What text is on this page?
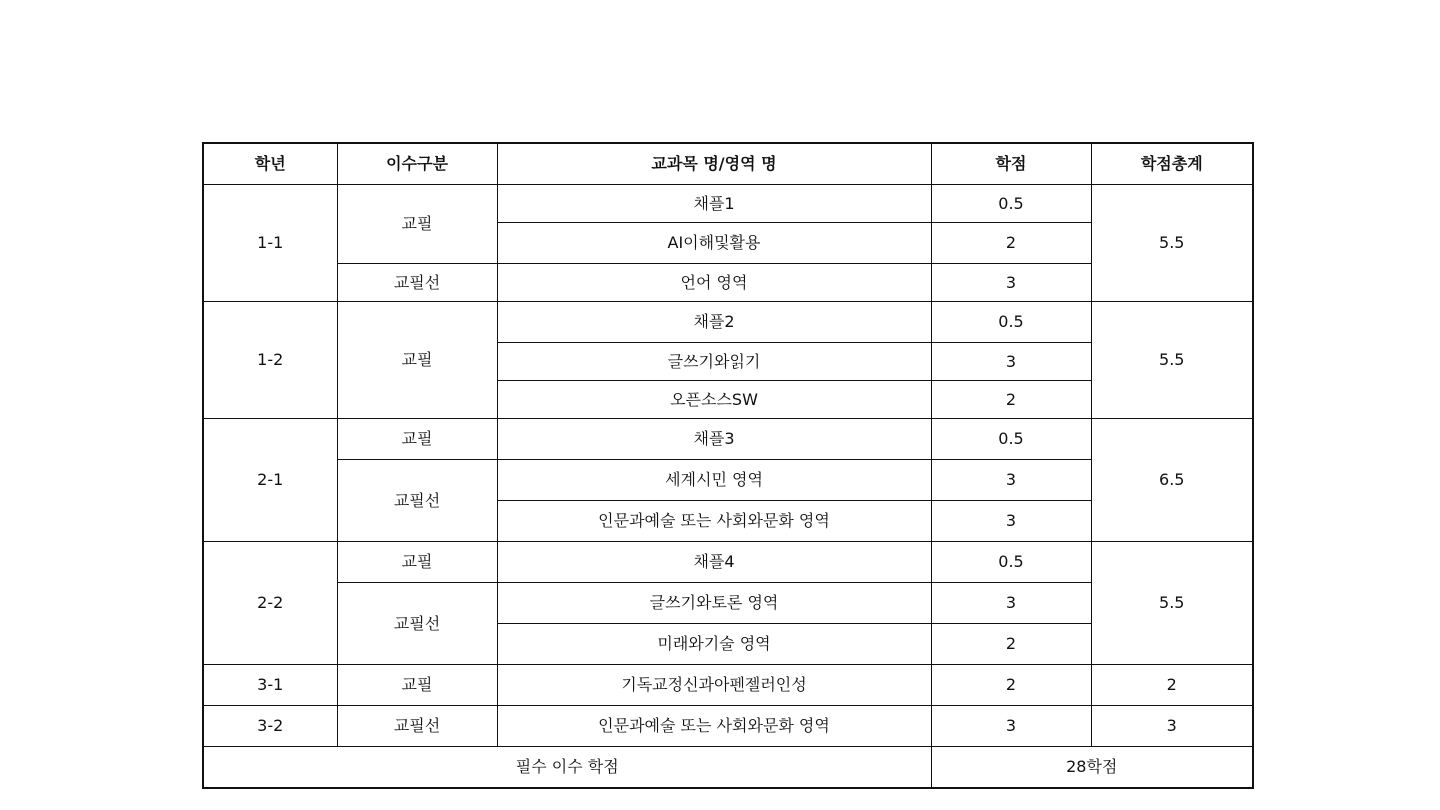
학년	이수구분	교과목 명/영역 명	학점	학점총계
1-1	교필	채플1	0.5	5.5
		AI이해및활용	2	
	교필선	언어 영역	3	
1-2	교필	채플2	0.5	5.5
		글쓰기와읽기	3	
		오픈소스SW	2	
2-1	교필	채플3	0.5	6.5
	교필선	세계시민 영역	3	
		인문과예술 또는 사회와문화 영역	3	
2-2	교필	채플4	0.5	5.5
	교필선	글쓰기와토론 영역	3	
		미래와기술 영역	2	
3-1	교필	기독교정신과아펜젤러인성	2	2
3-2	교필선	인문과예술 또는 사회와문화 영역	3	3
필수 이수 학점			28학점	
